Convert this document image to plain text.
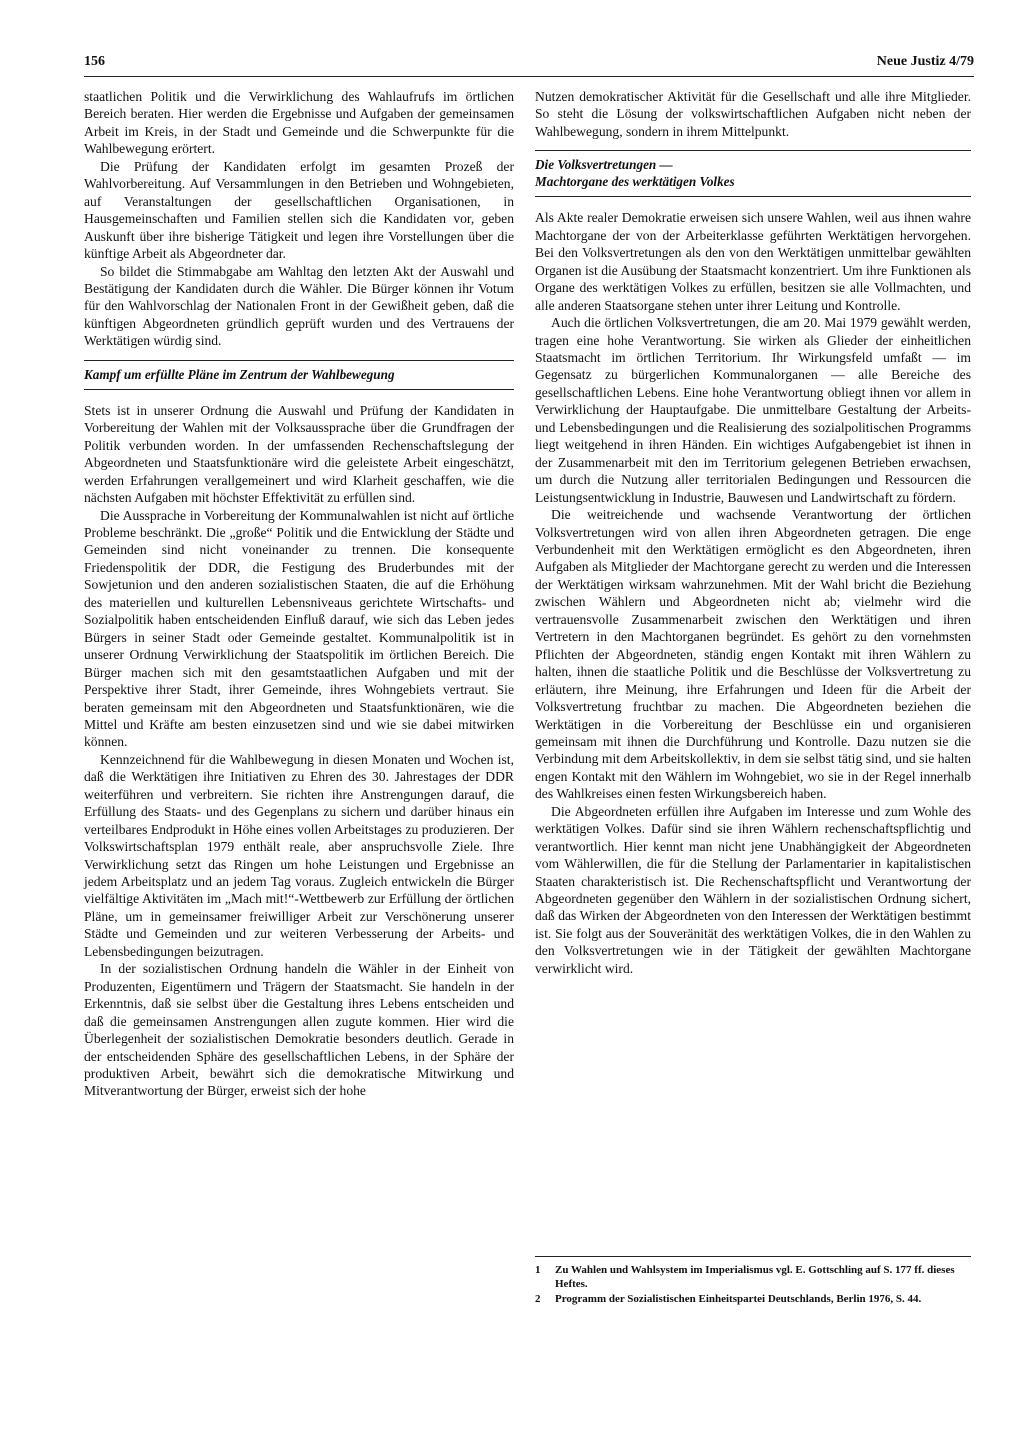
156	Neue Justiz 4/79

staatlichen Politik und die Verwirklichung des Wahlaufrufs im örtlichen Bereich beraten. Hier werden die Ergebnisse und Aufgaben der gemeinsamen Arbeit im Kreis, in der Stadt und Gemeinde und die Schwerpunkte für die Wahlbewegung erörtert.

Die Prüfung der Kandidaten erfolgt im gesamten Prozeß der Wahlvorbereitung. Auf Versammlungen in den Betrieben und Wohngebieten, auf Veranstaltungen der gesellschaftlichen Organisationen, in Hausgemeinschaften und Familien stellen sich die Kandidaten vor, geben Auskunft über ihre bisherige Tätigkeit und legen ihre Vorstellungen über die künftige Arbeit als Abgeordneter dar.

So bildet die Stimmabgabe am Wahltag den letzten Akt der Auswahl und Bestätigung der Kandidaten durch die Wähler. Die Bürger können ihr Votum für den Wahlvorschlag der Nationalen Front in der Gewißheit geben, daß die künftigen Abgeordneten gründlich geprüft wurden und des Vertrauens der Werktätigen würdig sind.

Kampf um erfüllte Pläne im Zentrum der Wahlbewegung

Stets ist in unserer Ordnung die Auswahl und Prüfung der Kandidaten in Vorbereitung der Wahlen mit der Volksaussprache über die Grundfragen der Politik verbunden worden. In der umfassenden Rechenschaftslegung der Abgeordneten und Staatsfunktionäre wird die geleistete Arbeit eingeschätzt, werden Erfahrungen verallgemeinert und wird Klarheit geschaffen, wie die nächsten Aufgaben mit höchster Effektivität zu erfüllen sind.

Die Aussprache in Vorbereitung der Kommunalwahlen ist nicht auf örtliche Probleme beschränkt. Die „große“ Politik und die Entwicklung der Städte und Gemeinden sind nicht voneinander zu trennen. Die konsequente Friedenspolitik der DDR, die Festigung des Bruderbundes mit der Sowjetunion und den anderen sozialistischen Staaten, die auf die Erhöhung des materiellen und kulturellen Lebensniveaus gerichtete Wirtschafts- und Sozialpolitik haben entscheidenden Einfluß darauf, wie sich das Leben jedes Bürgers in seiner Stadt oder Gemeinde gestaltet. Kommunalpolitik ist in unserer Ordnung Verwirklichung der Staatspolitik im örtlichen Bereich. Die Bürger machen sich mit den gesamtstaatlichen Aufgaben und mit der Perspektive ihrer Stadt, ihrer Gemeinde, ihres Wohngebiets vertraut. Sie beraten gemeinsam mit den Abgeordneten und Staatsfunktionären, wie die Mittel und Kräfte am besten einzusetzen sind und wie sie dabei mitwirken können.

Kennzeichnend für die Wahlbewegung in diesen Monaten und Wochen ist, daß die Werktätigen ihre Initiativen zu Ehren des 30. Jahrestages der DDR weiterführen und verbreitern. Sie richten ihre Anstrengungen darauf, die Erfüllung des Staats- und des Gegenplans zu sichern und darüber hinaus ein verteilbares Endprodukt in Höhe eines vollen Arbeitstages zu produzieren. Der Volkswirtschaftsplan 1979 enthält reale, aber anspruchsvolle Ziele. Ihre Verwirklichung setzt das Ringen um hohe Leistungen und Ergebnisse an jedem Arbeitsplatz und an jedem Tag voraus. Zugleich entwickeln die Bürger vielfältige Aktivitäten im „Mach mit!“-Wettbewerb zur Erfüllung der örtlichen Pläne, um in gemeinsamer freiwilliger Arbeit zur Verschönerung unserer Städte und Gemeinden und zur weiteren Verbesserung der Arbeits- und Lebensbedingungen beizutragen.

In der sozialistischen Ordnung handeln die Wähler in der Einheit von Produzenten, Eigentümern und Trägern der Staatsmacht. Sie handeln in der Erkenntnis, daß sie selbst über die Gestaltung ihres Lebens entscheiden und daß die gemeinsamen Anstrengungen allen zugute kommen. Hier wird die Überlegenheit der sozialistischen Demokratie besonders deutlich. Gerade in der entscheidenden Sphäre des gesellschaftlichen Lebens, in der Sphäre der produktiven Arbeit, bewährt sich die demokratische Mitwirkung und Mitverantwortung der Bürger, erweist sich der hohe

Nutzen demokratischer Aktivität für die Gesellschaft und alle ihre Mitglieder. So steht die Lösung der volkswirtschaftlichen Aufgaben nicht neben der Wahlbewegung, sondern in ihrem Mittelpunkt.

Die Volksvertretungen —
Machtorgane des werktätigen Volkes

Als Akte realer Demokratie erweisen sich unsere Wahlen, weil aus ihnen wahre Machtorgane der von der Arbeiterklasse geführten Werktätigen hervorgehen. Bei den Volksvertretungen als den von den Werktätigen unmittelbar gewählten Organen ist die Ausübung der Staatsmacht konzentriert. Um ihre Funktionen als Organe des werktätigen Volkes zu erfüllen, besitzen sie alle Vollmachten, und alle anderen Staatsorgane stehen unter ihrer Leitung und Kontrolle.

Auch die örtlichen Volksvertretungen, die am 20. Mai 1979 gewählt werden, tragen eine hohe Verantwortung. Sie wirken als Glieder der einheitlichen Staatsmacht im örtlichen Territorium. Ihr Wirkungsfeld umfaßt — im Gegensatz zu bürgerlichen Kommunalorganen — alle Bereiche des gesellschaftlichen Lebens. Eine hohe Verantwortung obliegt ihnen vor allem in Verwirklichung der Hauptaufgabe. Die unmittelbare Gestaltung der Arbeits- und Lebensbedingungen und die Realisierung des sozialpolitischen Programms liegt weitgehend in ihren Händen. Ein wichtiges Aufgabengebiet ist ihnen in der Zusammenarbeit mit den im Territorium gelegenen Betrieben erwachsen, um durch die Nutzung aller territorialen Bedingungen und Ressourcen die Leistungsentwicklung in Industrie, Bauwesen und Landwirtschaft zu fördern.

Die weitreichende und wachsende Verantwortung der örtlichen Volksvertretungen wird von allen ihren Abgeordneten getragen. Die enge Verbundenheit mit den Werktätigen ermöglicht es den Abgeordneten, ihren Aufgaben als Mitglieder der Machtorgane gerecht zu werden und die Interessen der Werktätigen wirksam wahrzunehmen. Mit der Wahl bricht die Beziehung zwischen Wählern und Abgeordneten nicht ab; vielmehr wird die vertrauensvolle Zusammenarbeit zwischen den Werktätigen und ihren Vertretern in den Machtorganen begründet. Es gehört zu den vornehmsten Pflichten der Abgeordneten, ständig engen Kontakt mit ihren Wählern zu halten, ihnen die staatliche Politik und die Beschlüsse der Volksvertretung zu erläutern, ihre Meinung, ihre Erfahrungen und Ideen für die Arbeit der Volksvertretung fruchtbar zu machen. Die Abgeordneten beziehen die Werktätigen in die Vorbereitung der Beschlüsse ein und organisieren gemeinsam mit ihnen die Durchführung und Kontrolle. Dazu nutzen sie die Verbindung mit dem Arbeitskollektiv, in dem sie selbst tätig sind, und sie halten engen Kontakt mit den Wählern im Wohngebiet, wo sie in der Regel innerhalb des Wahlkreises einen festen Wirkungsbereich haben.

Die Abgeordneten erfüllen ihre Aufgaben im Interesse und zum Wohle des werktätigen Volkes. Dafür sind sie ihren Wählern rechenschaftspflichtig und verantwortlich. Hier kennt man nicht jene Unabhängigkeit der Abgeordneten vom Wählerwillen, die für die Stellung der Parlamentarier in kapitalistischen Staaten charakteristisch ist. Die Rechenschaftspflicht und Verantwortung der Abgeordneten gegenüber den Wählern in der sozialistischen Ordnung sichert, daß das Wirken der Abgeordneten von den Interessen der Werktätigen bestimmt ist. Sie folgt aus der Souveränität des werktätigen Volkes, die in den Wahlen zu den Volksvertretungen wie in der Tätigkeit der gewählten Machtorgane verwirklicht wird.

1	Zu Wahlen und Wahlsystem im Imperialismus vgl. E. Gottschling auf S. 177 ff. dieses Heftes.
2	Programm der Sozialistischen Einheitspartei Deutschlands, Berlin 1976, S. 44.
